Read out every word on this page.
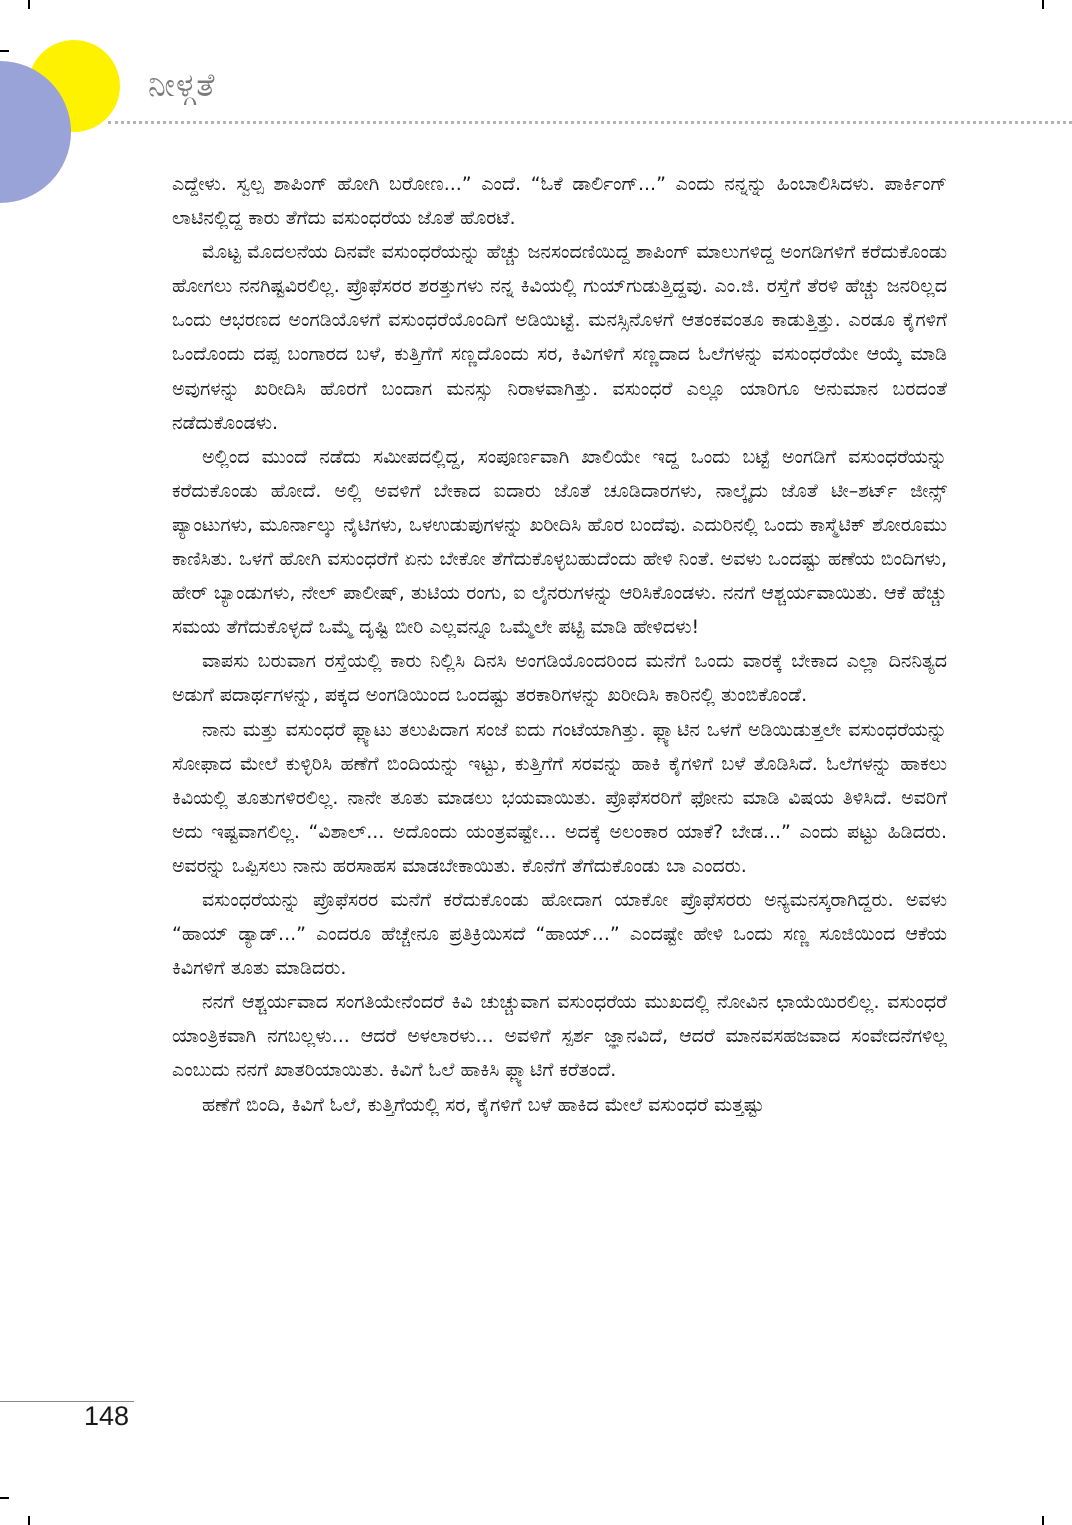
ನೀಳ್ಗತೆ

ಎದ್ದೇಳು. ಸ್ವಲ್ಪ ಶಾಪಿಂಗ್ ಹೋಗಿ ಬರೋಣ...” ಎಂದೆ. “ಓಕೆ ಡಾರ್ಲಿಂಗ್...” ಎಂದು ನನ್ನನ್ನು ಹಿಂಬಾಲಿಸಿದಳು. ಪಾರ್ಕಿಂಗ್ ಲಾಟಿನಲ್ಲಿದ್ದ ಕಾರು ತೆಗೆದು ವಸುಂಧರೆಯ ಜೊತೆ ಹೊರಟೆ.

ಮೊಟ್ಟ ಮೊದಲನೆಯ ದಿನವೇ ವಸುಂಧರೆಯನ್ನು ಹೆಚ್ಚು ಜನಸಂದಣಿಯಿದ್ದ ಶಾಪಿಂಗ್ ಮಾಲುಗಳಿದ್ದ ಅಂಗಡಿಗಳಿಗೆ ಕರೆದುಕೊಂಡು ಹೋಗಲು ನನಗಿಷ್ಟವಿರಲಿಲ್ಲ. ಪ್ರೊಫೆಸರರ ಶರತ್ತುಗಳು ನನ್ನ ಕಿವಿಯಲ್ಲಿ ಗುಯ್‌ಗುಡುತ್ತಿದ್ದವು. ಎಂ.ಜಿ. ರಸ್ತೆಗೆ ತೆರಳಿ ಹೆಚ್ಚು ಜನರಿಲ್ಲದ ಒಂದು ಆಭರಣದ ಅಂಗಡಿಯೊಳಗೆ ವಸುಂಧರೆಯೊಂದಿಗೆ ಅಡಿಯಿಟ್ಟೆ. ಮನಸ್ಸಿನೊಳಗೆ ಆತಂಕವಂತೂ ಕಾಡುತ್ತಿತ್ತು. ಎರಡೂ ಕೈಗಳಿಗೆ ಒಂದೊಂದು ದಪ್ಪ ಬಂಗಾರದ ಬಳೆ, ಕುತ್ತಿಗೆಗೆ ಸಣ್ಣದೊಂದು ಸರ, ಕಿವಿಗಳಿಗೆ ಸಣ್ಣದಾದ ಓಲೆಗಳನ್ನು ವಸುಂಧರೆಯೇ ಆಯ್ಕೆ ಮಾಡಿ ಅವುಗಳನ್ನು ಖರೀದಿಸಿ ಹೊರಗೆ ಬಂದಾಗ ಮನಸ್ಸು ನಿರಾಳವಾಗಿತ್ತು. ವಸುಂಧರೆ ಎಲ್ಲೂ ಯಾರಿಗೂ ಅನುಮಾನ ಬರದಂತೆ ನಡೆದುಕೊಂಡಳು.

ಅಲ್ಲಿಂದ ಮುಂದೆ ನಡೆದು ಸಮೀಪದಲ್ಲಿದ್ದ, ಸಂಪೂರ್ಣವಾಗಿ ಖಾಲಿಯೇ ಇದ್ದ ಒಂದು ಬಟ್ಟೆ ಅಂಗಡಿಗೆ ವಸುಂಧರೆಯನ್ನು ಕರೆದುಕೊಂಡು ಹೋದೆ. ಅಲ್ಲಿ ಅವಳಿಗೆ ಬೇಕಾದ ಐದಾರು ಜೊತೆ ಚೂಡಿದಾರಗಳು, ನಾಲ್ಕೈದು ಜೊತೆ ಟೀ–ಶರ್ಟ್ ಜೀನ್ಸ್ ಪ್ಯಾಂಟುಗಳು, ಮೂರ್ನಾಲ್ಕು ನೈಟಿಗಳು, ಒಳಉಡುಪುಗಳನ್ನು ಖರೀದಿಸಿ ಹೊರ ಬಂದೆವು. ಎದುರಿನಲ್ಲಿ ಒಂದು ಕಾಸ್ಮೆಟಿಕ್ ಶೋರೂಮು ಕಾಣಿಸಿತು. ಒಳಗೆ ಹೋಗಿ ವಸುಂಧರೆಗೆ ಏನು ಬೇಕೋ ತೆಗೆದುಕೊಳ್ಳಬಹುದೆಂದು ಹೇಳಿ ನಿಂತೆ. ಅವಳು ಒಂದಷ್ಟು ಹಣೆಯ ಬಿಂದಿಗಳು, ಹೇರ್ ಬ್ಯಾಂಡುಗಳು, ನೇಲ್ ಪಾಲೀಷ್, ತುಟಿಯ ರಂಗು, ಐ ಲೈನರುಗಳನ್ನು ಆರಿಸಿಕೊಂಡಳು. ನನಗೆ ಆಶ್ಚರ್ಯವಾಯಿತು. ಆಕೆ ಹೆಚ್ಚು ಸಮಯ ತೆಗೆದುಕೊಳ್ಳದೆ ಒಮ್ಮೆ ದೃಷ್ಟಿ ಬೀರಿ ಎಲ್ಲವನ್ನೂ ಒಮ್ಮೆಲೇ ಪಟ್ಟಿ ಮಾಡಿ ಹೇಳಿದಳು!

ವಾಪಸು ಬರುವಾಗ ರಸ್ತೆಯಲ್ಲಿ ಕಾರು ನಿಲ್ಲಿಸಿ ದಿನಸಿ ಅಂಗಡಿಯೊಂದರಿಂದ ಮನೆಗೆ ಒಂದು ವಾರಕ್ಕೆ ಬೇಕಾದ ಎಲ್ಲಾ ದಿನನಿತ್ಯದ ಅಡುಗೆ ಪದಾರ್ಥಗಳನ್ನು, ಪಕ್ಕದ ಅಂಗಡಿಯಿಂದ ಒಂದಷ್ಟು ತರಕಾರಿಗಳನ್ನು ಖರೀದಿಸಿ ಕಾರಿನಲ್ಲಿ ತುಂಬಿಕೊಂಡೆ.

ನಾನು ಮತ್ತು ವಸುಂಧರೆ ಫ್ಲ್ಯಾಟು ತಲುಪಿದಾಗ ಸಂಜೆ ಐದು ಗಂಟೆಯಾಗಿತ್ತು. ಫ್ಲ್ಯಾಟಿನ ಒಳಗೆ ಅಡಿಯಿಡುತ್ತಲೇ ವಸುಂಧರೆಯನ್ನು ಸೋಫಾದ ಮೇಲೆ ಕುಳ್ಳಿರಿಸಿ ಹಣೆಗೆ ಬಿಂದಿಯನ್ನು ಇಟ್ಟು, ಕುತ್ತಿಗೆಗೆ ಸರವನ್ನು ಹಾಕಿ ಕೈಗಳಿಗೆ ಬಳೆ ತೊಡಿಸಿದೆ. ಓಲೆಗಳನ್ನು ಹಾಕಲು ಕಿವಿಯಲ್ಲಿ ತೂತುಗಳಿರಲಿಲ್ಲ. ನಾನೇ ತೂತು ಮಾಡಲು ಭಯವಾಯಿತು. ಪ್ರೊಫೆಸರರಿಗೆ ಫೋನು ಮಾಡಿ ವಿಷಯ ತಿಳಿಸಿದೆ. ಅವರಿಗೆ ಅದು ಇಷ್ಟವಾಗಲಿಲ್ಲ. “ವಿಶಾಲ್... ಅದೊಂದು ಯಂತ್ರವಷ್ಟೇ... ಅದಕ್ಕೆ ಅಲಂಕಾರ ಯಾಕೆ? ಬೇಡ...” ಎಂದು ಪಟ್ಟು ಹಿಡಿದರು. ಅವರನ್ನು ಒಪ್ಪಿಸಲು ನಾನು ಹರಸಾಹಸ ಮಾಡಬೇಕಾಯಿತು. ಕೊನೆಗೆ ತೆಗೆದುಕೊಂಡು ಬಾ ಎಂದರು.

ವಸುಂಧರೆಯನ್ನು ಪ್ರೊಫೆಸರರ ಮನೆಗೆ ಕರೆದುಕೊಂಡು ಹೋದಾಗ ಯಾಕೋ ಪ್ರೊಫೆಸರರು ಅನ್ಯಮನಸ್ಕರಾಗಿದ್ದರು. ಅವಳು “ಹಾಯ್ ಡ್ಯಾಡ್...” ಎಂದರೂ ಹೆಚ್ಚೇನೂ ಪ್ರತಿಕ್ರಿಯಿಸದೆ “ಹಾಯ್...” ಎಂದಷ್ಟೇ ಹೇಳಿ ಒಂದು ಸಣ್ಣ ಸೂಜಿಯಿಂದ ಆಕೆಯ ಕಿವಿಗಳಿಗೆ ತೂತು ಮಾಡಿದರು.

ನನಗೆ ಆಶ್ಚರ್ಯವಾದ ಸಂಗತಿಯೇನೆಂದರೆ ಕಿವಿ ಚುಚ್ಚುವಾಗ ವಸುಂಧರೆಯ ಮುಖದಲ್ಲಿ ನೋವಿನ ಛಾಯೆಯಿರಲಿಲ್ಲ. ವಸುಂಧರೆ ಯಾಂತ್ರಿಕವಾಗಿ ನಗಬಲ್ಲಳು... ಆದರೆ ಅಳಲಾರಳು... ಅವಳಿಗೆ ಸ್ಪರ್ಶ ಜ್ಞಾನವಿದೆ, ಆದರೆ ಮಾನವಸಹಜವಾದ ಸಂವೇದನೆಗಳಿಲ್ಲ ಎಂಬುದು ನನಗೆ ಖಾತರಿಯಾಯಿತು. ಕಿವಿಗೆ ಓಲೆ ಹಾಕಿಸಿ ಫ್ಲ್ಯಾಟಿಗೆ ಕರೆತಂದೆ.

ಹಣೆಗೆ ಬಿಂದಿ, ಕಿವಿಗೆ ಓಲೆ, ಕುತ್ತಿಗೆಯಲ್ಲಿ ಸರ, ಕೈಗಳಿಗೆ ಬಳೆ ಹಾಕಿದ ಮೇಲೆ ವಸುಂಧರೆ ಮತ್ತಷ್ಟು

148
